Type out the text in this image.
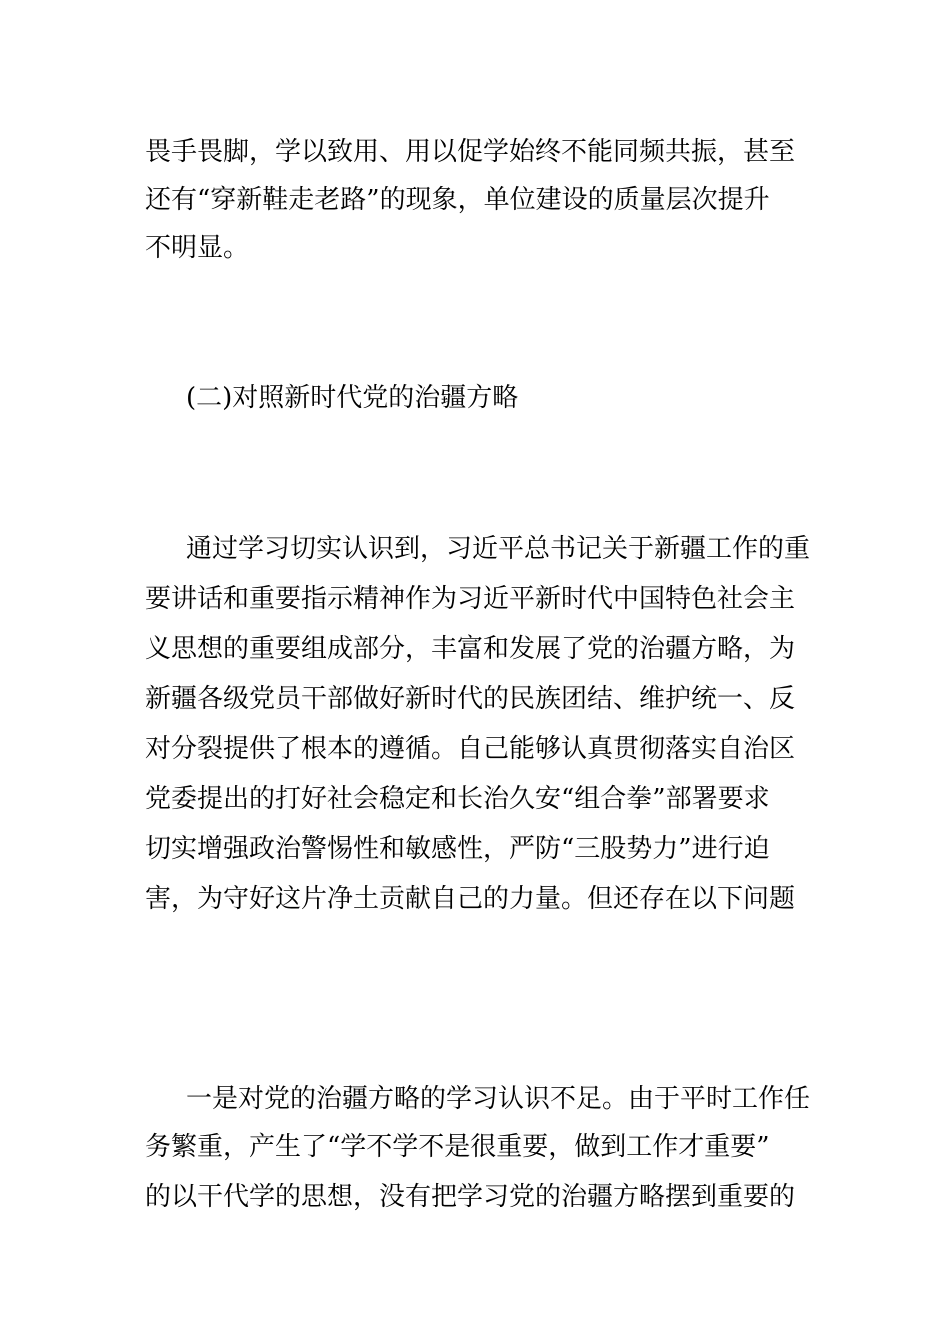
畏手畏脚，学以致用、用以促学始终不能同频共振，甚至
还有“穿新鞋走老路”的现象，单位建设的质量层次提升
不明显。
(二)对照新时代党的治疆方略
通过学习切实认识到，习近平总书记关于新疆工作的重
要讲话和重要指示精神作为习近平新时代中国特色社会主
义思想的重要组成部分，丰富和发展了党的治疆方略，为
新疆各级党员干部做好新时代的民族团结、维护统一、反
对分裂提供了根本的遵循。自己能够认真贯彻落实自治区
党委提出的打好社会稳定和长治久安“组合拳”部署要求
切实增强政治警惕性和敏感性，严防“三股势力”进行迫
害，为守好这片净土贡献自己的力量。但还存在以下问题
一是对党的治疆方略的学习认识不足。由于平时工作任
务繁重，产生了“学不学不是很重要，做到工作才重要”
的以干代学的思想，没有把学习党的治疆方略摆到重要的
